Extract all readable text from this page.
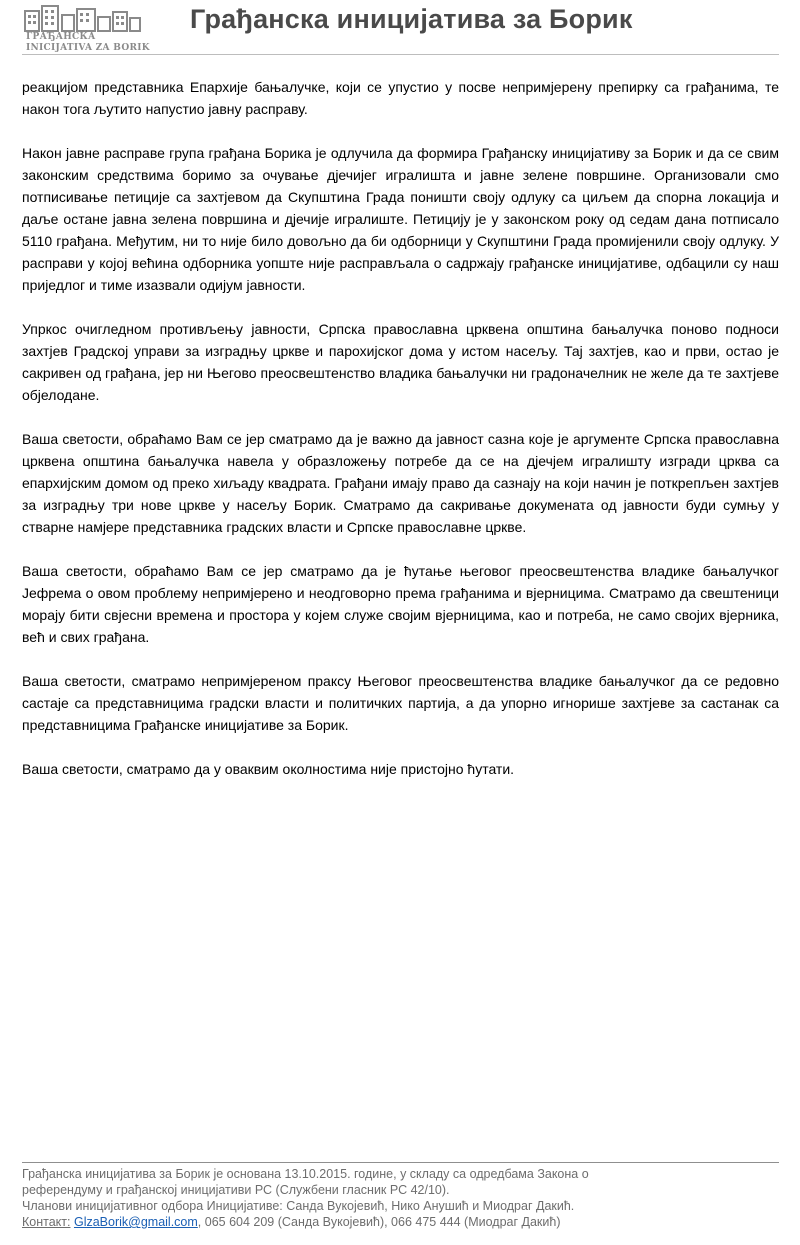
ГРАЂАНСКА
INICIJATIVA ZA BORIK
Грађанска иницијатива за Борик

реакцијом представника Епархије бањалучке, који се упустио у посве непримјерену препирку са грађанима, те након тога љутито напустио јавну расправу.

Након јавне расправе група грађана Борика је одлучила да формира Грађанску иницијативу за Борик и да се свим законским средствима боримо за очување дјечијег игралишта и јавне зелене површине. Организовали смо потписивање петиције са захтјевом да Скупштина Града поништи своју одлуку са циљем да спорна локација и даље остане јавна зелена површина и дјечије игралиште. Петицију је у законском року од седам дана потписало 5110 грађана. Међутим, ни то није било довољно да би одборници у Скупштини Града промијенили своју одлуку. У расправи у којој већина одборника уопште није расправљала о садржају грађанске иницијативе, одбацили су наш приједлог и тиме изазвали одијум јавности.

Упркос очигледном противљењу јавности, Српска православна црквена општина бањалучка поново подноси захтјев Градској управи за изградњу цркве и парохијског дома у истом насељу. Тај захтјев, као и први, остао је сакривен од грађана, јер ни Његово преосвештенство владика бањалучки ни градоначелник не желе да те захтјеве обjелодане.

Ваша светости, обраћамо Вам се јер сматрамо да је важно да јавност сазна које је аргументе Српска православна црквена општина бањалучка навела у образложењу потребе да се на дјечјем игралишту изгради црква са епархијским домом од преко хиљаду квадрата. Грађани имају право да сазнају на који начин је поткрепљен захтјев за изградњу три нове цркве у насељу Борик. Сматрамо да сакривање докумената од јавности буди сумњу у стварне намјере представника градских власти и Српске православне цркве.

Ваша светости, обраћамо Вам се јер сматрамо да је ћутање његовог преосвештенства владике бањалучког Јефрема о овом проблему непримјерено и неодговорно према грађанима и вјерницима. Сматрамо да свештеници морају бити свјесни времена и простора у којем служе својим вјерницима, као и потреба, не само својих вјерника, већ и свих грађана.

Ваша светости, сматрамо непримјереном праксу Његовог преосвештенства владике бањалучког да се редовно састаје са представницима градски власти и политичких партија, а да упорно игнорише захтјеве за састанак са представницима Грађанске иницијативе за Борик.

Ваша светости, сматрамо да у оваквим околностима није пристојно ћутати.

Грађанска иницијатива за Борик је основана 13.10.2015. године, у складу са одредбама Закона о
референдуму и грађанској иницијативи РС (Службени гласник РС 42/10).
Чланови иницијативног одбора Иницијативе: Санда Вукојевић, Нико Анушић и Миодраг Дакић.
Контакт: GlzaBorik@gmail.com, 065 604 209 (Санда Вукојевић), 066 475 444 (Миодраг Дакић)
